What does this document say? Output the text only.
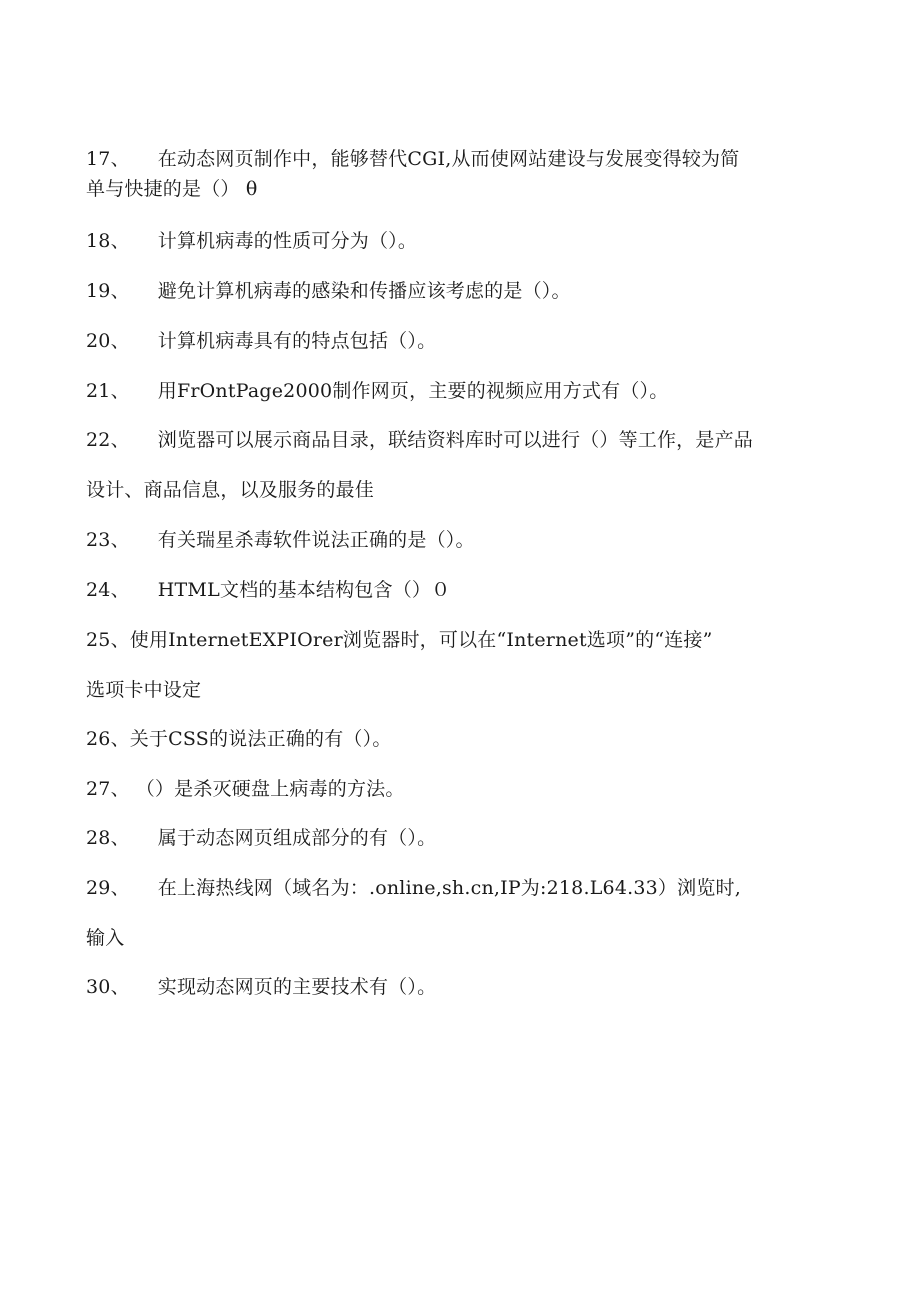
17、 在动态网页制作中，能够替代CGI,从而使网站建设与发展变得较为简
单与快捷的是（） θ
18、 计算机病毒的性质可分为（）。
19、 避免计算机病毒的感染和传播应该考虑的是（）。
20、 计算机病毒具有的特点包括（）。
21、 用FrOntPage2000制作网页，主要的视频应用方式有（）。
22、 浏览器可以展示商品目录，联结资料库时可以进行（）等工作，是产品
设计、商品信息，以及服务的最佳
23、 有关瑞星杀毒软件说法正确的是（）。
24、 HTML文档的基本结构包含（）０
25、使用InternetEXPIOrer浏览器时，可以在“Internet选项”的“连接”
选项卡中设定
26、关于CSS的说法正确的有（）。
27、 （）是杀灭硬盘上病毒的方法。
28、 属于动态网页组成部分的有（）。
29、 在上海热线网（域名为：.online,sh.cn,IP为:218.L64.33）浏览时,
输入
30、 实现动态网页的主要技术有（）。
